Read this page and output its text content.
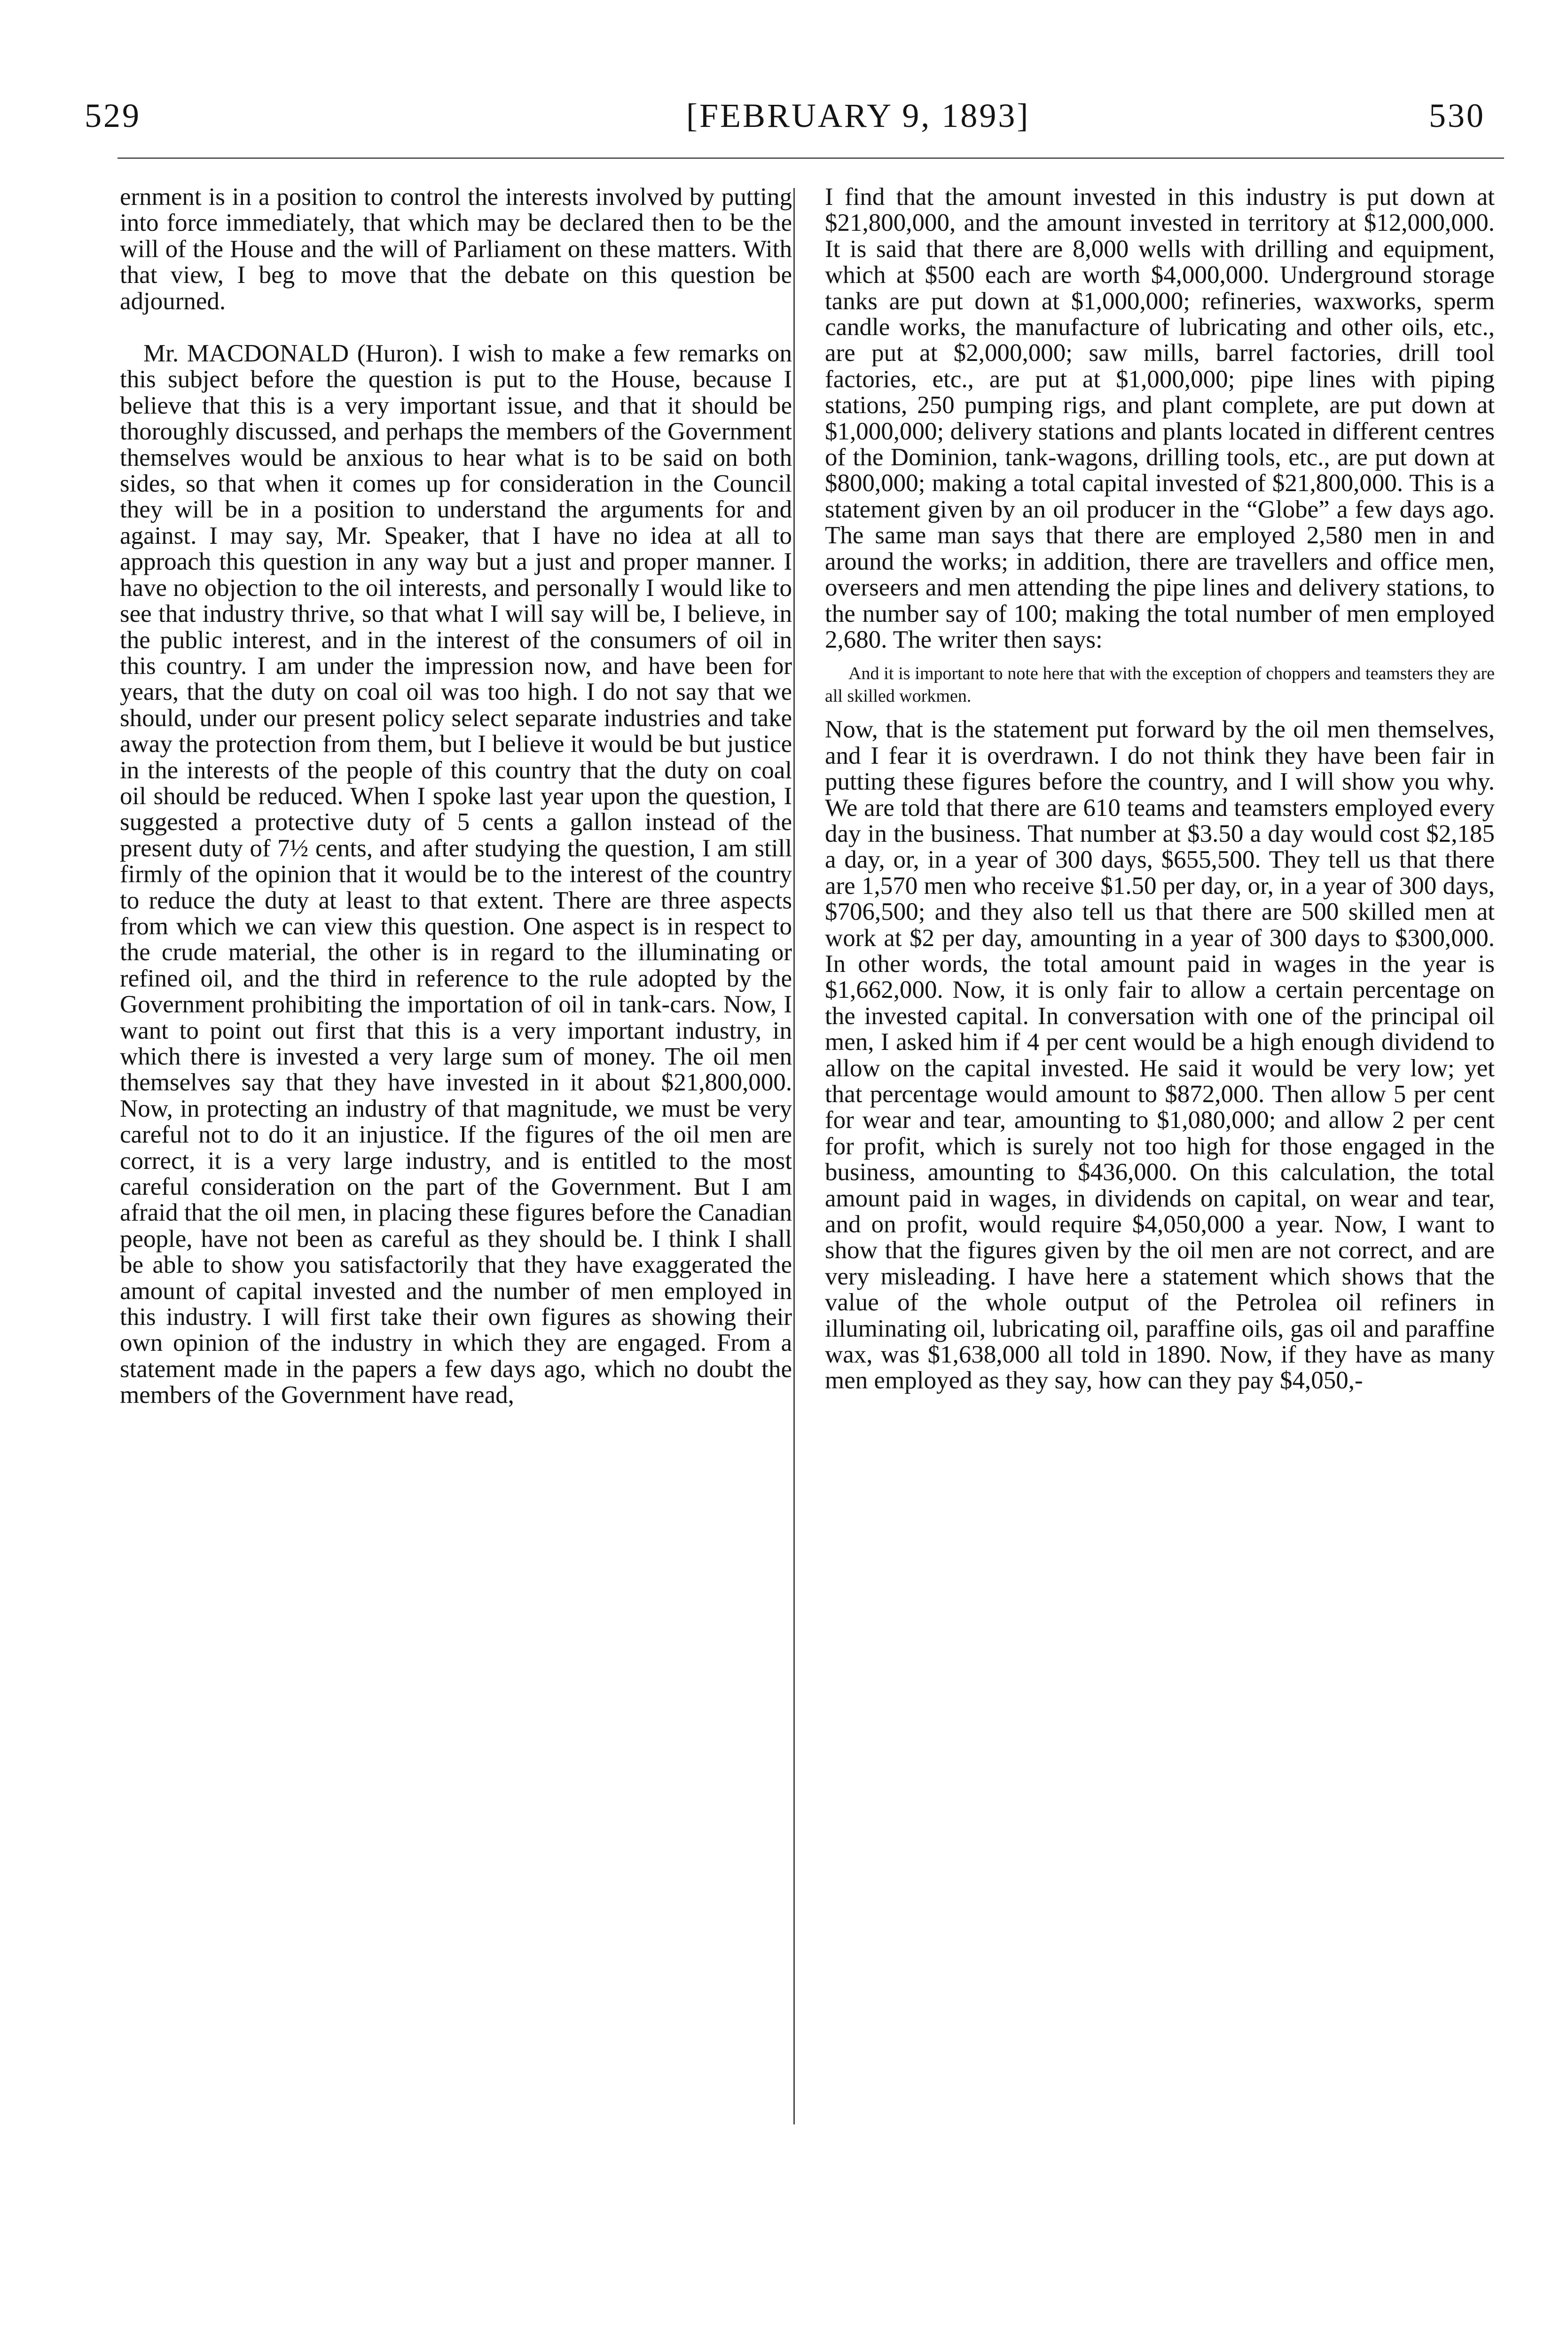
529	[FEBRUARY 9, 1893]	530

ernment is in a position to control the interests involved by putting into force immediately, that which may be declared then to be the will of the House and the will of Parliament on these matters. With that view, I beg to move that the debate on this question be adjourned.

Mr. MACDONALD (Huron). I wish to make a few remarks on this subject before the question is put to the House, because I believe that this is a very important issue, and that it should be thoroughly discussed, and perhaps the members of the Government themselves would be anxious to hear what is to be said on both sides, so that when it comes up for consideration in the Council they will be in a position to understand the arguments for and against. I may say, Mr. Speaker, that I have no idea at all to approach this question in any way but a just and proper manner. I have no objection to the oil interests, and personally I would like to see that industry thrive, so that what I will say will be, I believe, in the public interest, and in the interest of the consumers of oil in this country. I am under the impression now, and have been for years, that the duty on coal oil was too high. I do not say that we should, under our present policy select separate industries and take away the protection from them, but I believe it would be but justice in the interests of the people of this country that the duty on coal oil should be reduced. When I spoke last year upon the question, I suggested a protective duty of 5 cents a gallon instead of the present duty of 7½ cents, and after studying the question, I am still firmly of the opinion that it would be to the interest of the country to reduce the duty at least to that extent. There are three aspects from which we can view this question. One aspect is in respect to the crude material, the other is in regard to the illuminating or refined oil, and the third in reference to the rule adopted by the Government prohibiting the importation of oil in tank-cars. Now, I want to point out first that this is a very important industry, in which there is invested a very large sum of money. The oil men themselves say that they have invested in it about $21,800,000. Now, in protecting an industry of that magnitude, we must be very careful not to do it an injustice. If the figures of the oil men are correct, it is a very large industry, and is entitled to the most careful consideration on the part of the Government. But I am afraid that the oil men, in placing these figures before the Canadian people, have not been as careful as they should be. I think I shall be able to show you satisfactorily that they have exaggerated the amount of capital invested and the number of men employed in this industry. I will first take their own figures as showing their own opinion of the industry in which they are engaged. From a statement made in the papers a few days ago, which no doubt the members of the Government have read,

I find that the amount invested in this industry is put down at $21,800,000, and the amount invested in territory at $12,000,000. It is said that there are 8,000 wells with drilling and equipment, which at $500 each are worth $4,000,000. Underground storage tanks are put down at $1,000,000; refineries, waxworks, sperm candle works, the manufacture of lubricating and other oils, etc., are put at $2,000,000; saw mills, barrel factories, drill tool factories, etc., are put at $1,000,000; pipe lines with piping stations, 250 pumping rigs, and plant complete, are put down at $1,000,000; delivery stations and plants located in different centres of the Dominion, tank-wagons, drilling tools, etc., are put down at $800,000; making a total capital invested of $21,800,000. This is a statement given by an oil producer in the “Globe” a few days ago. The same man says that there are employed 2,580 men in and around the works; in addition, there are travellers and office men, overseers and men attending the pipe lines and delivery stations, to the number say of 100; making the total number of men employed 2,680. The writer then says:

And it is important to note here that with the exception of choppers and teamsters they are all skilled workmen.

Now, that is the statement put forward by the oil men themselves, and I fear it is overdrawn. I do not think they have been fair in putting these figures before the country, and I will show you why. We are told that there are 610 teams and teamsters employed every day in the business. That number at $3.50 a day would cost $2,185 a day, or, in a year of 300 days, $655,500. They tell us that there are 1,570 men who receive $1.50 per day, or, in a year of 300 days, $706,500; and they also tell us that there are 500 skilled men at work at $2 per day, amounting in a year of 300 days to $300,000. In other words, the total amount paid in wages in the year is $1,662,000. Now, it is only fair to allow a certain percentage on the invested capital. In conversation with one of the principal oil men, I asked him if 4 per cent would be a high enough dividend to allow on the capital invested. He said it would be very low; yet that percentage would amount to $872,000. Then allow 5 per cent for wear and tear, amounting to $1,080,000; and allow 2 per cent for profit, which is surely not too high for those engaged in the business, amounting to $436,000. On this calculation, the total amount paid in wages, in dividends on capital, on wear and tear, and on profit, would require $4,050,000 a year. Now, I want to show that the figures given by the oil men are not correct, and are very misleading. I have here a statement which shows that the value of the whole output of the Petrolea oil refiners in illuminating oil, lubricating oil, paraffine oils, gas oil and paraffine wax, was $1,638,000 all told in 1890. Now, if they have as many men employed as they say, how can they pay $4,050,-
